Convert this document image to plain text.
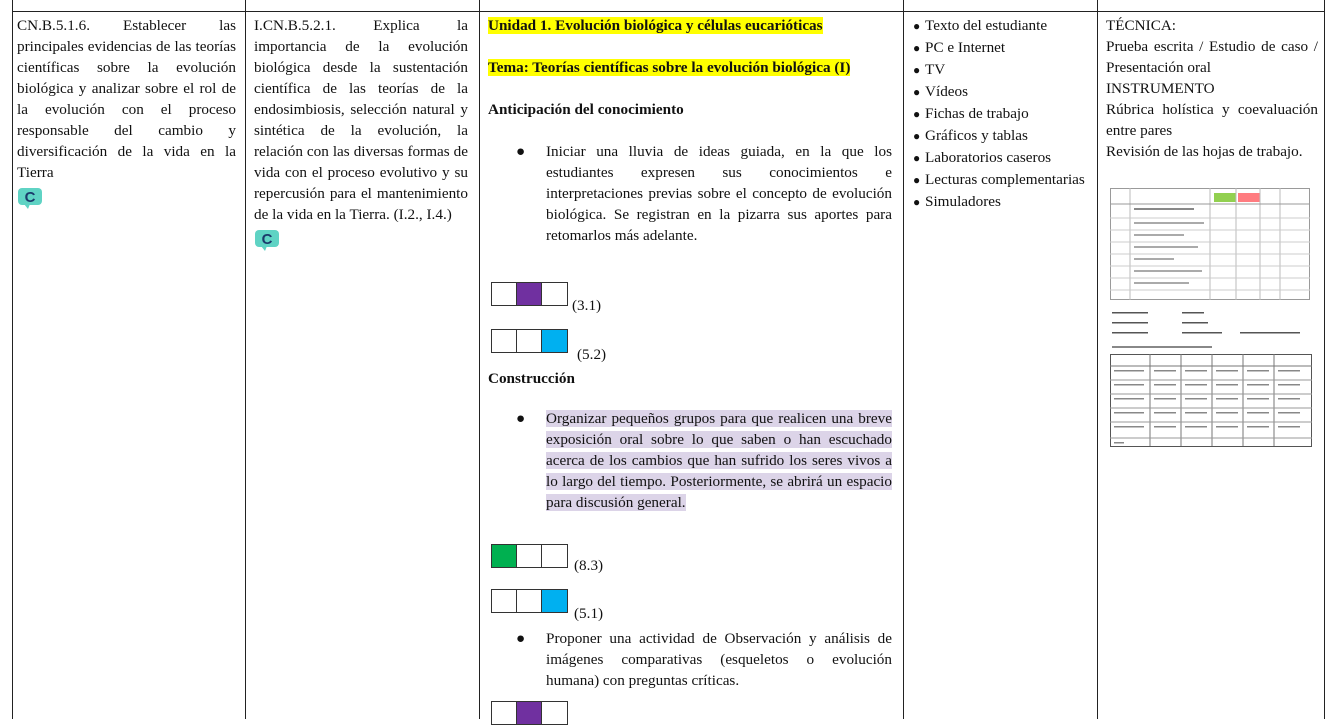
CN.B.5.1.6. Establecer las principales evidencias de las teorías científicas sobre la evolución biológica y analizar sobre el rol de la evolución con el proceso responsable del cambio y diversificación de la vida en la Tierra
C
I.CN.B.5.2.1. Explica la importancia de la evolución biológica desde la sustentación científica de las teorías de la endosimbiosis, selección natural y sintética de la evolución, la relación con las diversas formas de vida con el proceso evolutivo y su repercusión para el mantenimiento de la vida en la Tierra. (I.2., I.4.)
C
Unidad 1. Evolución biológica y células eucarióticas
Tema: Teorías científicas sobre la evolución biológica (I)
Anticipación del conocimiento
● Iniciar una lluvia de ideas guiada, en la que los estudiantes expresen sus conocimientos e interpretaciones previas sobre el concepto de evolución biológica. Se registran en la pizarra sus aportes para retomarlos más adelante.
(3.1)
(5.2)
Construcción
● Organizar pequeños grupos para que realicen una breve exposición oral sobre lo que saben o han escuchado acerca de los cambios que han sufrido los seres vivos a lo largo del tiempo. Posteriormente, se abrirá un espacio para discusión general.
(8.3)
(5.1)
● Proponer una actividad de Observación y análisis de imágenes comparativas (esqueletos o evolución humana) con preguntas críticas.
● Texto del estudiante
● PC e Internet
● TV
● Vídeos
● Fichas de trabajo
● Gráficos y tablas
● Laboratorios caseros
● Lecturas complementarias
● Simuladores
TÉCNICA:
Prueba escrita / Estudio de caso / Presentación oral
INSTRUMENTO
Rúbrica holística y coevaluación entre pares
Revisión de las hojas de trabajo.
